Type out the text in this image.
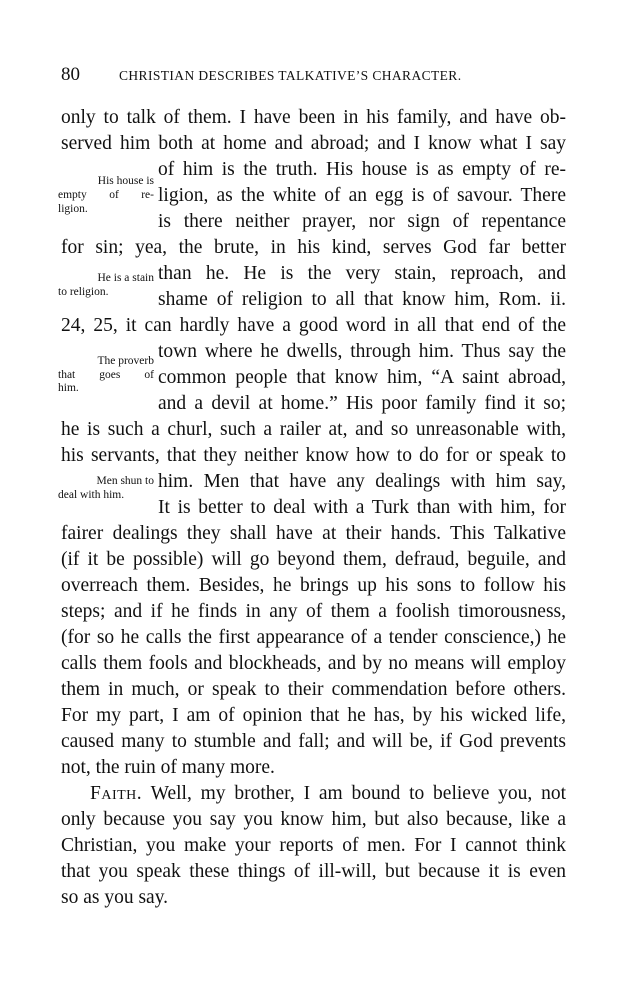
80	CHRISTIAN DESCRIBES TALKATIVE’S CHARACTER.
only to talk of them. I have been in his family, and have ob-
served him both at home and abroad; and I know what I say
of him is the truth. His house is as empty of re-
ligion, as the white of an egg is of savour. There
is there neither prayer, nor sign of repentance
for sin; yea, the brute, in his kind, serves God far better
than he. He is the very stain, reproach, and
shame of religion to all that know him, Rom. ii.
24, 25, it can hardly have a good word in all that end of the
town where he dwells, through him. Thus say the
common people that know him, “A saint abroad,
and a devil at home.” His poor family find it so;
he is such a churl, such a railer at, and so unreasonable with,
his servants, that they neither know how to do for or speak to
him. Men that have any dealings with him say,
It is better to deal with a Turk than with him, for
fairer dealings they shall have at their hands. This Talkative
(if it be possible) will go beyond them, defraud, beguile, and
overreach them. Besides, he brings up his sons to follow his
steps; and if he finds in any of them a foolish timorousness,
(for so he calls the first appearance of a tender conscience,) he
calls them fools and blockheads, and by no means will employ
them in much, or speak to their commendation before others.
For my part, I am of opinion that he has, by his wicked life,
caused many to stumble and fall; and will be, if God prevents
not, the ruin of many more.
Faith. Well, my brother, I am bound to believe you, not
only because you say you know him, but also because, like a
Christian, you make your reports of men. For I cannot think
that you speak these things of ill-will, but because it is even
so as you say.
His house is
empty of re-
ligion.
He is a stain
to religion.
The proverb
that goes of
him.
Men shun to
deal with him.
